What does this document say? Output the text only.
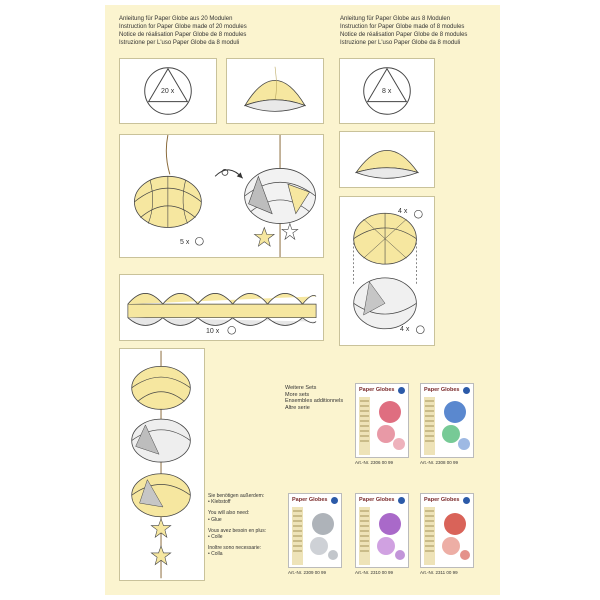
Anleitung für Paper Globe aus 20 Modulen
Instruction for Paper Globe made of 20 modules
Notice de réalisation Paper Globe de 8 modules
Istruzione per L'uso Paper Globe da 8 moduli
Anleitung für Paper Globe aus 8 Modulen
Instruction for Paper Globe made of 8 modules
Notice de réalisation Paper Globe de 8 modules
Istruzione per L'uso Paper Globe da 8 moduli
20 x	8 x
5 x
4 x
4 x
10 x
Sie benötigen außerdem:
• Klebstoff
You will also need:
• Glue
Vous avez besoin en plus:
• Colle
Inoltre sono necessarie:
• Colla
Weitere Sets
More sets
Ensembles additionnels
Altre serie
Paper Globes
Art.-Nr. 2306 00 99
Paper Globes
Art.-Nr. 2308 00 99
Paper Globes
Art.-Nr. 2309 00 99
Paper Globes
Art.-Nr. 2310 00 99
Paper Globes
Art.-Nr. 2311 00 99
